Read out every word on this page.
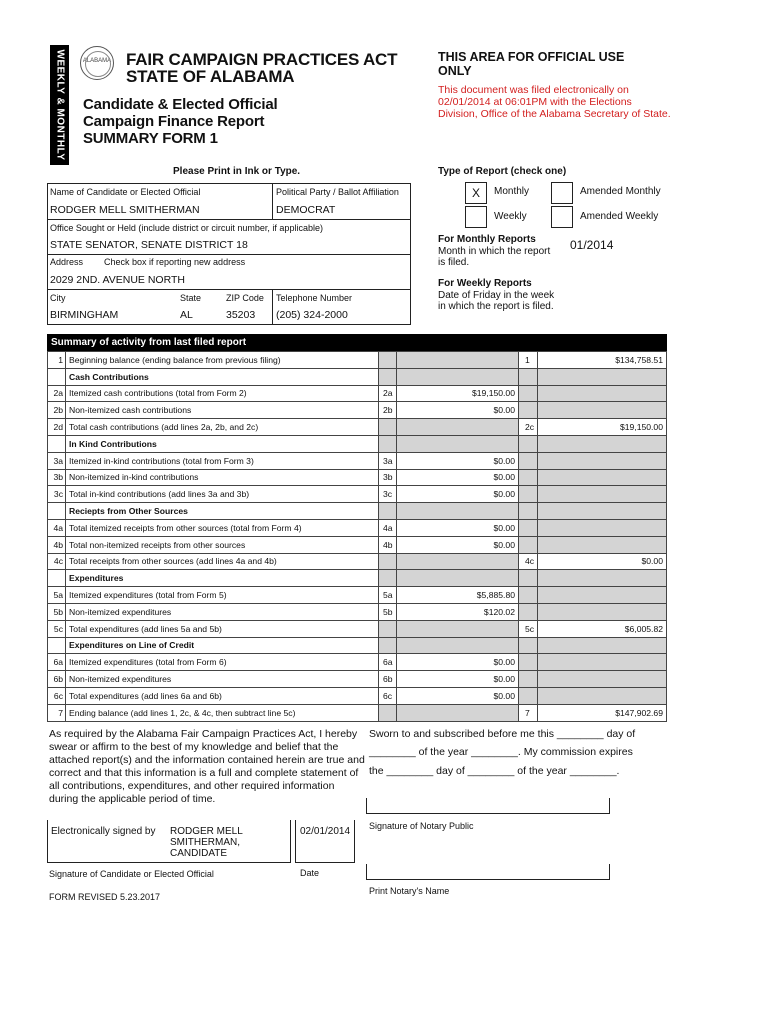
WEEKLY & MONTHLY	ALABAMA FAIR CAMPAIGN PRACTICES ACT
STATE OF ALABAMA
Candidate & Elected Official
Campaign Finance Report
SUMMARY FORM 1
THIS AREA FOR OFFICIAL USE
ONLY
This document was filed electronically on
02/01/2014 at 06:01PM with the Elections
Division, Office of the Alabama Secretary of State.
Please Print in Ink or Type.	Type of Report (check one)
Name of Candidate or Elected Official
RODGER MELL SMITHERMAN
Political Party / Ballot Affiliation
DEMOCRAT
Office Sought or Held (include district or circuit number, if applicable)
STATE SENATOR, SENATE DISTRICT 18
Address Check box if reporting new address
2029 2ND. AVENUE NORTH
City
BIRMINGHAM
State
AL
ZIP Code
35203
Telephone Number
(205) 324-2000
X Monthly	Amended Monthly
Weekly	Amended Weekly
For Monthly Reports
Month in which the report
is filed.
01/2014
For Weekly Reports
Date of Friday in the week
in which the report is filed.
Summary of activity from last filed report
1	Beginning balance (ending balance from previous filing)			1	$134,758.51
	Cash Contributions				
2a	Itemized cash contributions (total from Form 2)	2a	$19,150.00		
2b	Non-itemized cash contributions	2b	$0.00		
2d	Total cash contributions (add lines 2a, 2b, and 2c)			2c	$19,150.00
	In Kind Contributions				
3a	Itemized in-kind contributions (total from Form 3)	3a	$0.00		
3b	Non-itemized in-kind contributions	3b	$0.00		
3c	Total in-kind contributions (add lines 3a and 3b)	3c	$0.00		
	Reciepts from Other Sources				
4a	Total itemized receipts from other sources (total from Form 4)	4a	$0.00		
4b	Total non-itemized receipts from other sources	4b	$0.00		
4c	Total receipts from other sources (add lines 4a and 4b)			4c	$0.00
	Expenditures				
5a	Itemized expenditures (total from Form 5)	5a	$5,885.80		
5b	Non-itemized expenditures	5b	$120.02		
5c	Total expenditures (add lines 5a and 5b)			5c	$6,005.82
	Expenditures on Line of Credit				
6a	Itemized expenditures (total from Form 6)	6a	$0.00		
6b	Non-itemized expenditures	6b	$0.00		
6c	Total expenditures (add lines 6a and 6b)	6c	$0.00		
7	Ending balance (add lines 1, 2c, & 4c, then subtract line 5c)			7	$147,902.69
As required by the Alabama Fair Campaign Practices Act, I hereby
swear or affirm to the best of my knowledge and belief that the
attached report(s) and the information contained herein are true and
correct and that this information is a full and complete statement of
all contributions, expenditures, and other required information
during the applicable period of time.
Sworn to and subscribed before me this ________ day of
________ of the year ________. My commission expires
the ________ day of ________ of the year ________.
Signature of Notary Public
Print Notary's Name
Electronically signed by RODGER MELL
SMITHERMAN,
CANDIDATE
02/01/2014
Signature of Candidate or Elected Official	Date
FORM REVISED 5.23.2017
